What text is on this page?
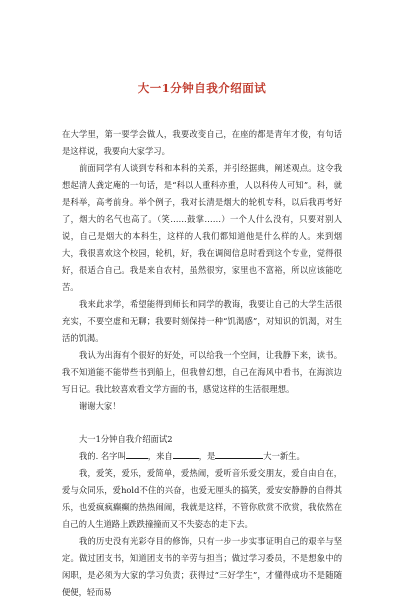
大一1分钟自我介绍面试

在大学里，第一要学会做人，我要改变自己，在座的都是青年才俊，有句话是这样说，我要向大家学习。

前面同学有人谈到专科和本科的关系，并引经据典，阐述观点。这令我想起清人龚定庵的一句话，是“科以人重科亦重，人以科传人可知”。科，就是科举，高考前身。举个例子，我对长清是烟大的轮机专科，以后我再考好了，烟大的名气也高了。（笑……鼓掌……）一个人什么没有，只要对别人说，自己是烟大的本科生，这样的人我们都知道他是什么样的人。来到烟大，我很喜欢这个校园，轮机，好，我在调阅信息时看到这个专业，觉得很好，很适合自己。我是来自农村，虽然很穷，家里也不富裕，所以应该能吃苦。

我来此求学，希望能得到师长和同学的教诲，我要让自己的大学生活很充实，不要空虚和无聊；我要时刻保持一种“饥渴感”，对知识的饥渴，对生活的饥渴。

我认为出海有个很好的好处，可以给我一个空间，让我静下来，读书。我不知道能不能带些书到船上，但我曾幻想，自己在海风中看书，在海滨边写日记。我比较喜欢看文学方面的书，感觉这样的生活很理想。

谢谢大家！

大一1分钟自我介绍面试2

我的. 名字叫	，来自	，是	大一新生。

我，爱笑，爱乐，爱简单，爱热闹，爱听音乐爱交朋友，爱自由自在，爱与众同乐，爱hold不住的兴奋，也爱无厘头的搞笑，爱安安静静的自得其乐，也爱疯疯癫癫的热热闹闹，我就是这样，不管你欣赏不欣赏，我依然在自己的人生道路上跌跌撞撞而又不失姿态的走下去。

我的历史没有光彩夺目的修饰，只有一步一步实事证明自己的艰辛与坚定。做过团支书，知道团支书的辛劳与担当；做过学习委员，不是想象中的闲职，是必须为大家的学习负责；获得过“三好学生”，才懂得成功不是随随便便，轻而易
